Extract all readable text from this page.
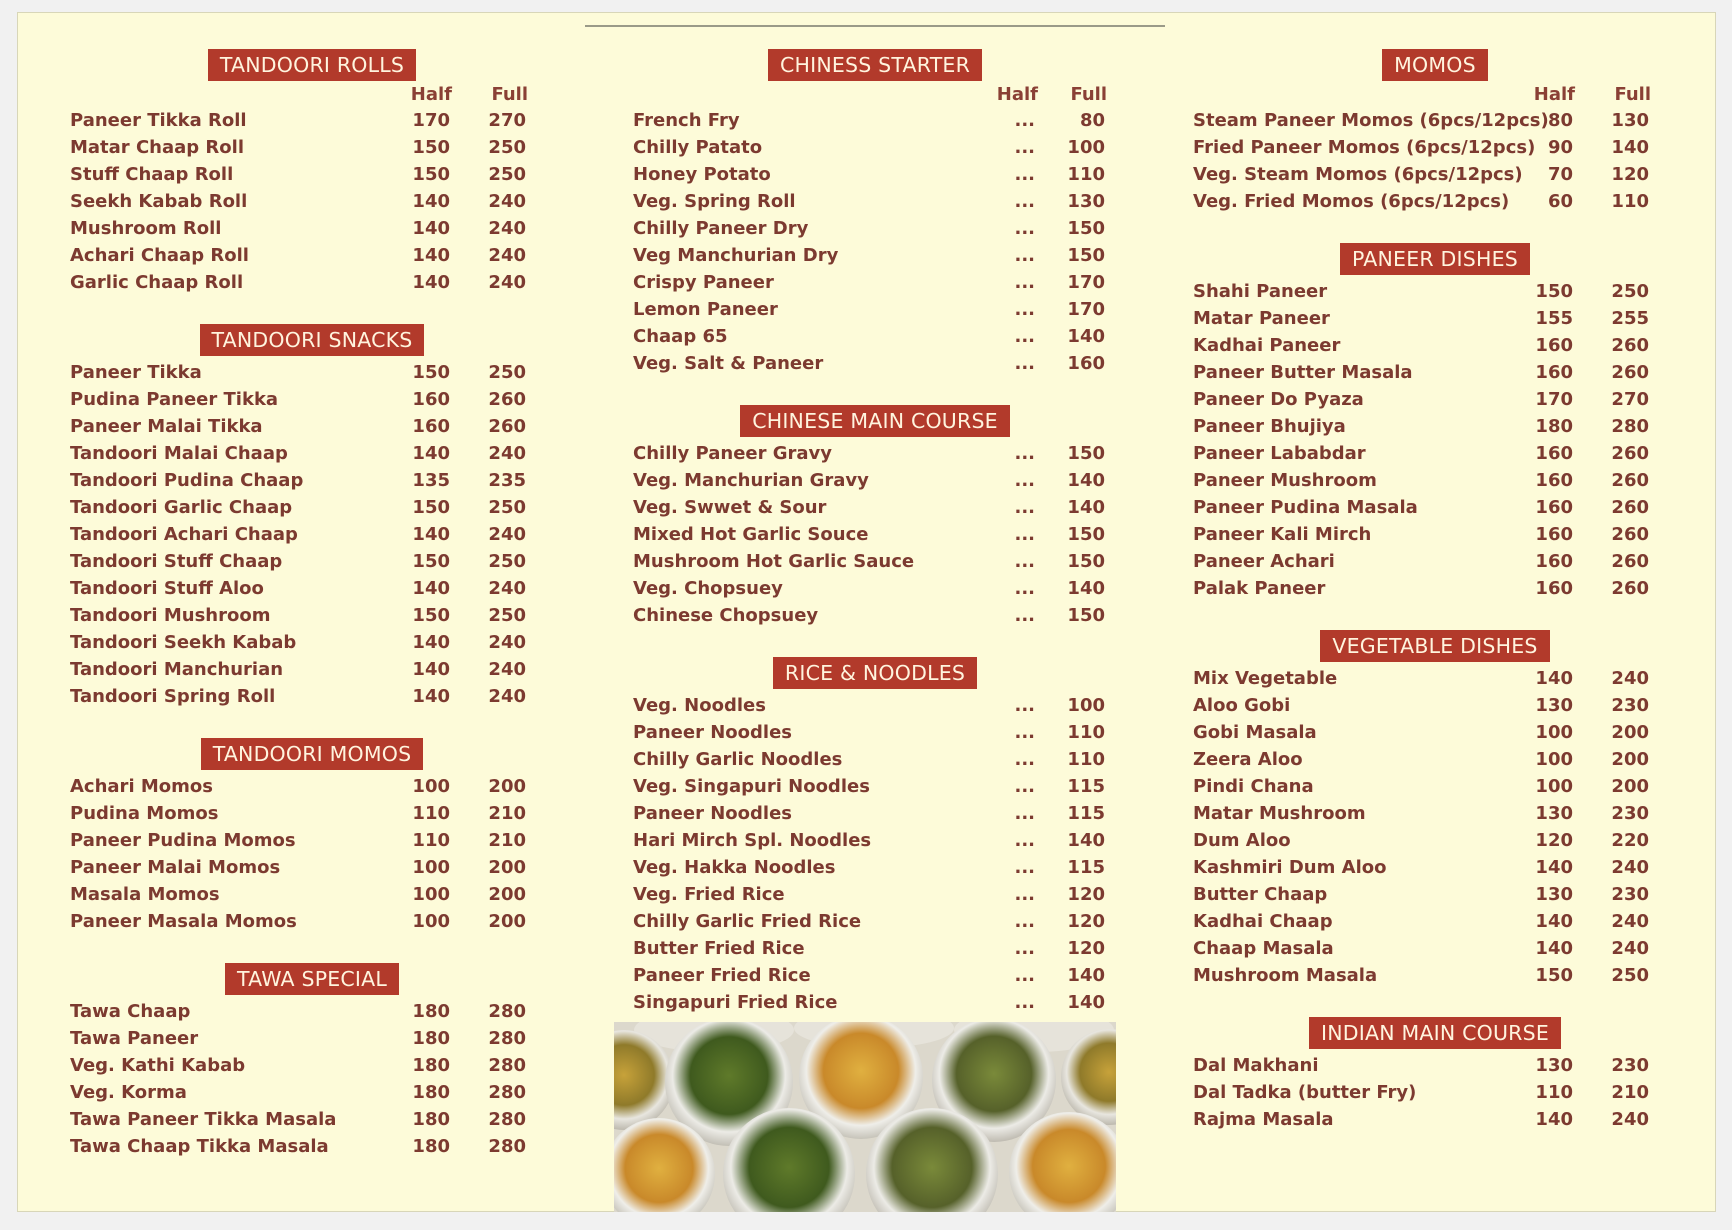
TANDOORI ROLLS
Half Full
Paneer Tikka Roll	170 270
Matar Chaap Roll	150 250
Stuff Chaap Roll	150 250
Seekh Kabab Roll	140 240
Mushroom Roll	140 240
Achari Chaap Roll	140 240
Garlic Chaap Roll	140 240
TANDOORI SNACKS
Paneer Tikka	150 250
Pudina Paneer Tikka	160 260
Paneer Malai Tikka	160 260
Tandoori Malai Chaap	140 240
Tandoori Pudina Chaap	135 235
Tandoori Garlic Chaap	150 250
Tandoori Achari Chaap	140 240
Tandoori Stuff Chaap	150 250
Tandoori Stuff Aloo	140 240
Tandoori Mushroom	150 250
Tandoori Seekh Kabab	140 240
Tandoori Manchurian	140 240
Tandoori Spring Roll	140 240
TANDOORI MOMOS
Achari Momos	100 200
Pudina Momos	110 210
Paneer Pudina Momos	110 210
Paneer Malai Momos	100 200
Masala Momos	100 200
Paneer Masala Momos	100 200
TAWA SPECIAL
Tawa Chaap	180 280
Tawa Paneer	180 280
Veg. Kathi Kabab	180 280
Veg. Korma	180 280
Tawa Paneer Tikka Masala	180 280
Tawa Chaap Tikka Masala	180 280
CHINESS STARTER
Half Full
French Fry	... 80
Chilly Patato	... 100
Honey Potato	... 110
Veg. Spring Roll	... 130
Chilly Paneer Dry	... 150
Veg Manchurian Dry	... 150
Crispy Paneer	... 170
Lemon Paneer	... 170
Chaap 65	... 140
Veg. Salt & Paneer	... 160
CHINESE MAIN COURSE
Chilly Paneer Gravy	... 150
Veg. Manchurian Gravy	... 140
Veg. Swwet & Sour	... 140
Mixed Hot Garlic Souce	... 150
Mushroom Hot Garlic Sauce	... 150
Veg. Chopsuey	... 140
Chinese Chopsuey	... 150
RICE & NOODLES
Veg. Noodles	... 100
Paneer Noodles	... 110
Chilly Garlic Noodles	... 110
Veg. Singapuri Noodles	... 115
Paneer Noodles	... 115
Hari Mirch Spl. Noodles	... 140
Veg. Hakka Noodles	... 115
Veg. Fried Rice	... 120
Chilly Garlic Fried Rice	... 120
Butter Fried Rice	... 120
Paneer Fried Rice	... 140
Singapuri Fried Rice	... 140
MOMOS
Half Full
Steam Paneer Momos (6pcs/12pcs) 80 130
Fried Paneer Momos (6pcs/12pcs) 90 140
Veg. Steam Momos (6pcs/12pcs) 70 120
Veg. Fried Momos (6pcs/12pcs) 60 110
PANEER DISHES
Shahi Paneer	150 250
Matar Paneer	155 255
Kadhai Paneer	160 260
Paneer Butter Masala	160 260
Paneer Do Pyaza	170 270
Paneer Bhujiya	180 280
Paneer Lababdar	160 260
Paneer Mushroom	160 260
Paneer Pudina Masala	160 260
Paneer Kali Mirch	160 260
Paneer Achari	160 260
Palak Paneer	160 260
VEGETABLE DISHES
Mix Vegetable	140 240
Aloo Gobi	130 230
Gobi Masala	100 200
Zeera Aloo	100 200
Pindi Chana	100 200
Matar Mushroom	130 230
Dum Aloo	120 220
Kashmiri Dum Aloo	140 240
Butter Chaap	130 230
Kadhai Chaap	140 240
Chaap Masala	140 240
Mushroom Masala	150 250
INDIAN MAIN COURSE
Dal Makhani	130 230
Dal Tadka (butter Fry)	110 210
Rajma Masala	140 240
